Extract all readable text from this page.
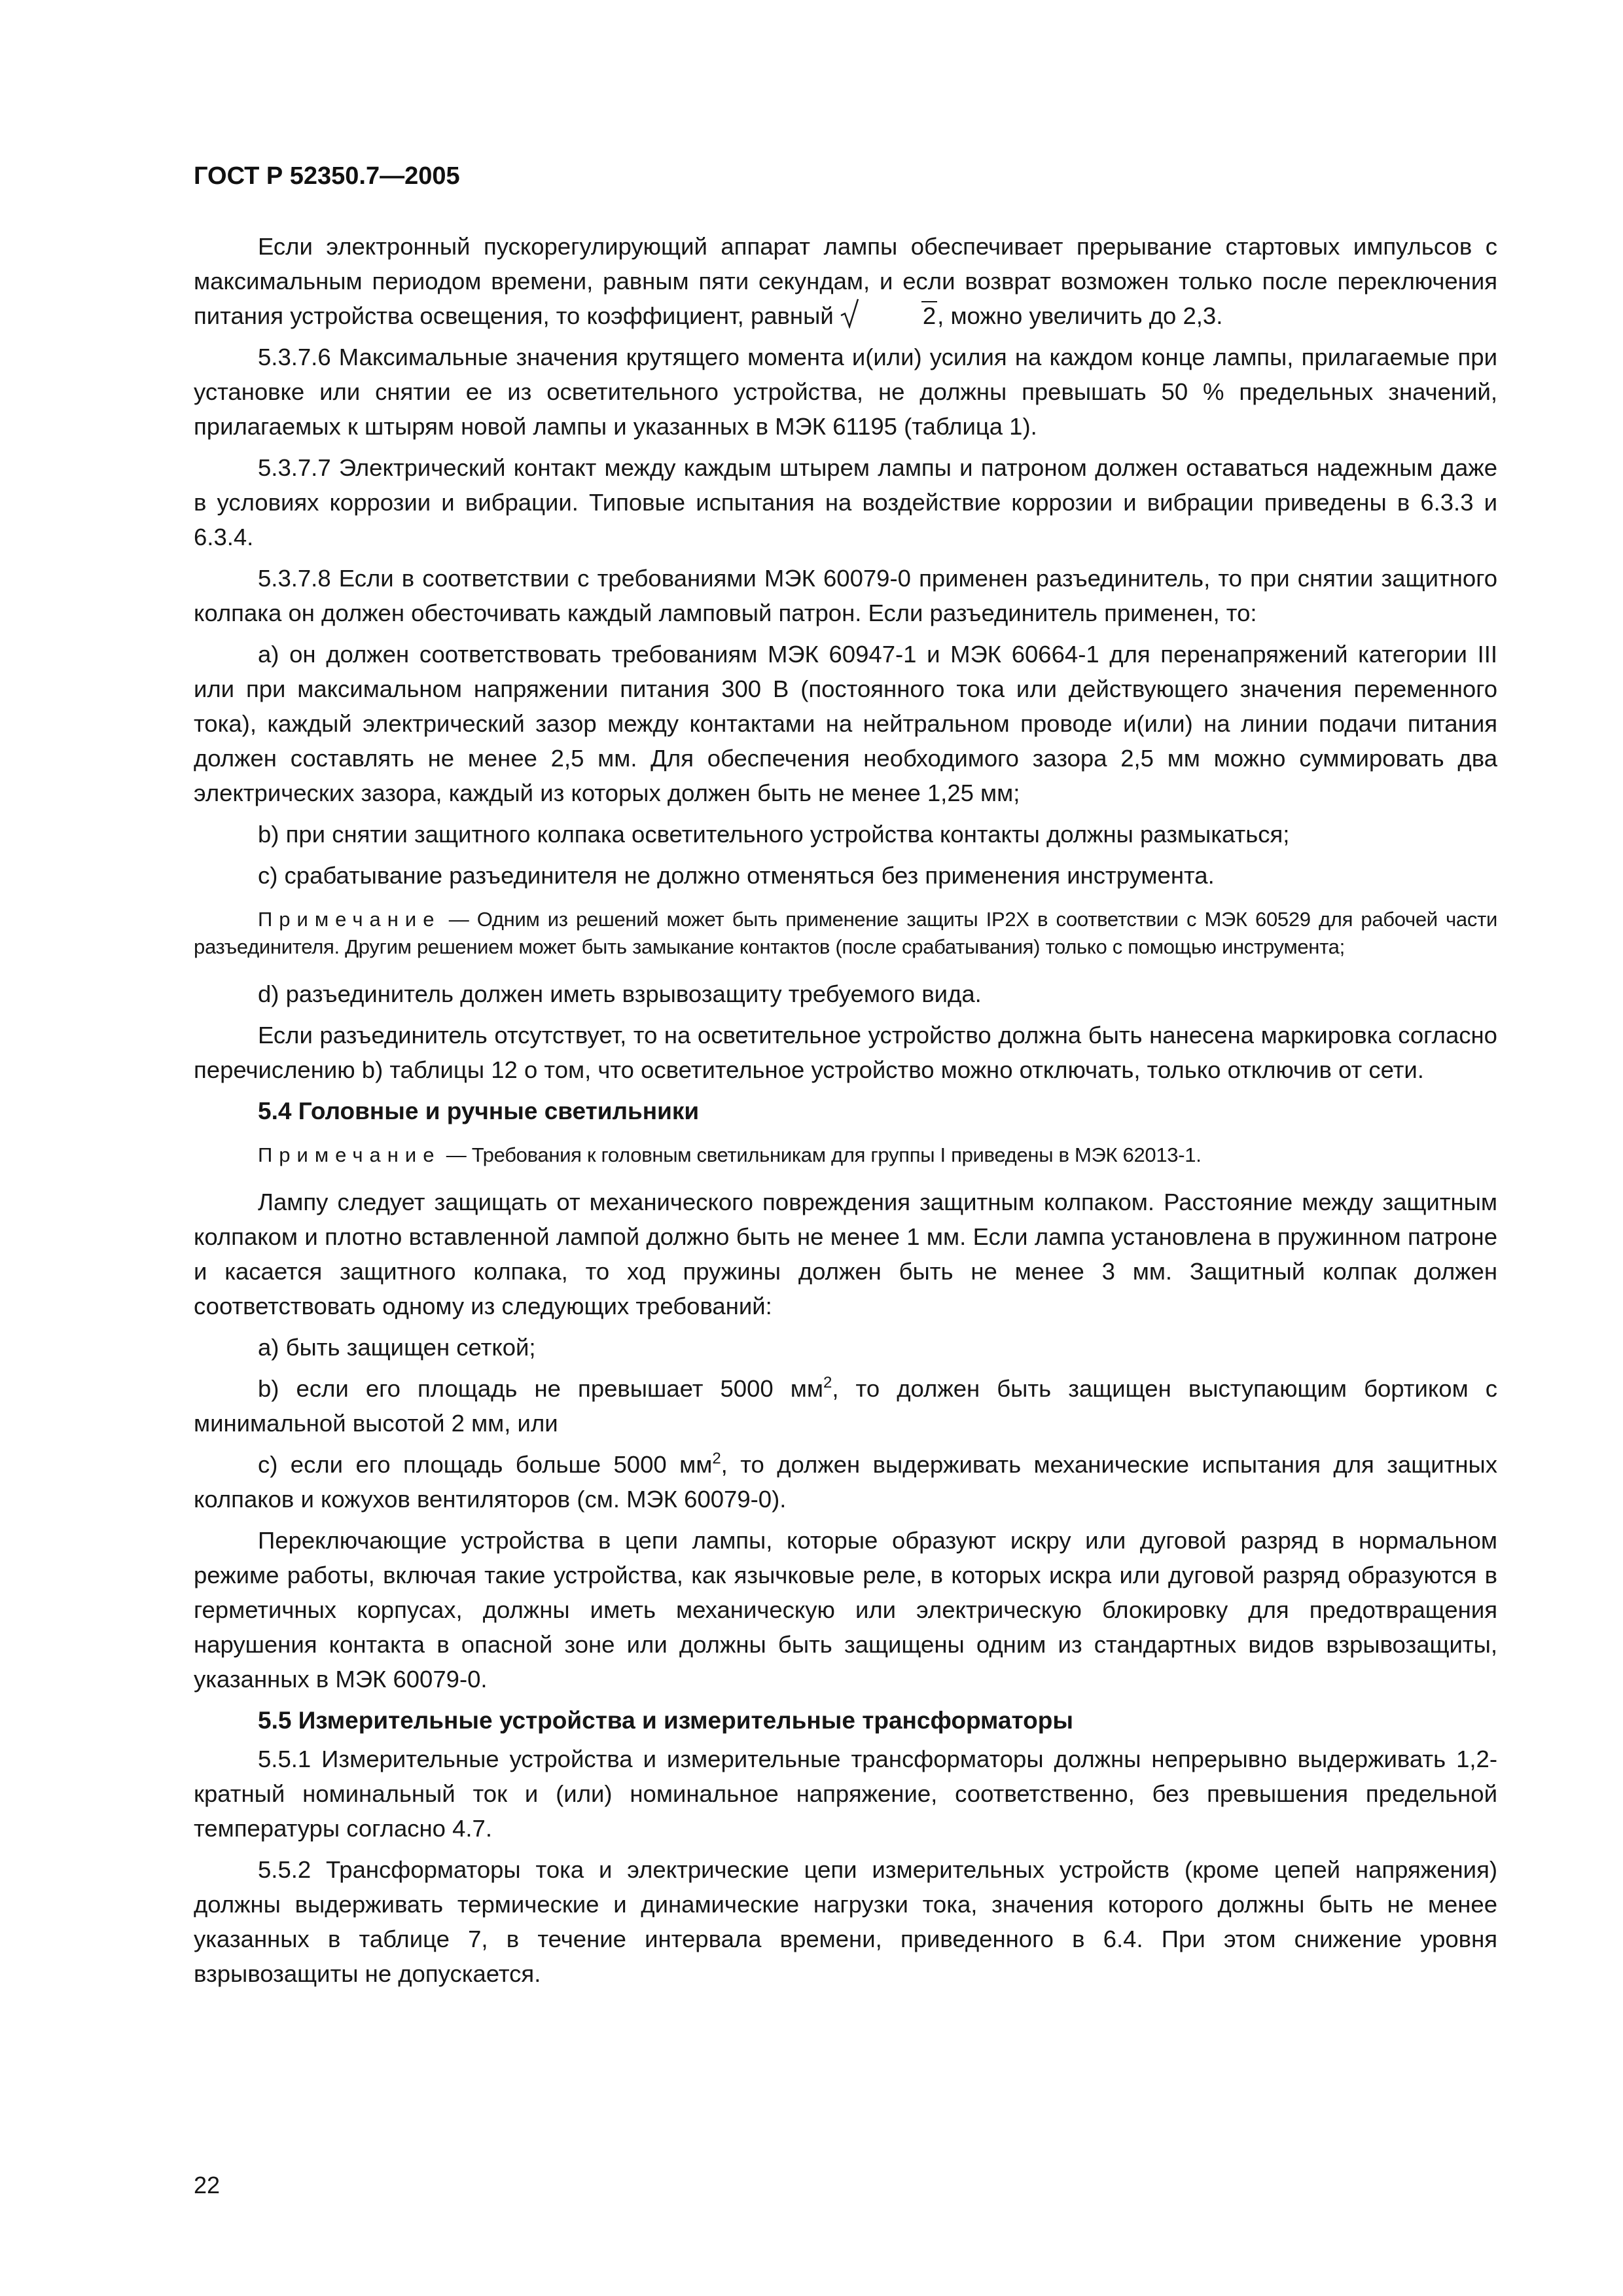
ГОСТ Р 52350.7—2005

Если электронный пускорегулирующий аппарат лампы обеспечивает прерывание стартовых импульсов с максимальным периодом времени, равным пяти секундам, и если возврат возможен только после переключения питания устройства освещения, то коэффициент, равный	2, можно увеличить до 2,3.

5.3.7.6 Максимальные значения крутящего момента и(или) усилия на каждом конце лампы, прилагаемые при установке или снятии ее из осветительного устройства, не должны превышать 50 % предельных значений, прилагаемых к штырям новой лампы и указанных в МЭК 61195 (таблица 1).

5.3.7.7 Электрический контакт между каждым штырем лампы и патроном должен оставаться надежным даже в условиях коррозии и вибрации. Типовые испытания на воздействие коррозии и вибрации приведены в 6.3.3 и 6.3.4.

5.3.7.8 Если в соответствии с требованиями МЭК 60079-0 применен разъединитель, то при снятии защитного колпака он должен обесточивать каждый ламповый патрон. Если разъединитель применен, то:

а) он должен соответствовать требованиям МЭК 60947-1 и МЭК 60664-1 для перенапряжений категории III или при максимальном напряжении питания 300 В (постоянного тока или действующего значения переменного тока), каждый электрический зазор между контактами на нейтральном проводе и(или) на линии подачи питания должен составлять не менее 2,5 мм. Для обеспечения необходимого зазора 2,5 мм можно суммировать два электрических зазора, каждый из которых должен быть не менее 1,25 мм;

b) при снятии защитного колпака осветительного устройства контакты должны размыкаться;

с) срабатывание разъединителя не должно отменяться без применения инструмента.

Примечание — Одним из решений может быть применение защиты IP2X в соответствии с МЭК 60529 для рабочей части разъединителя. Другим решением может быть замыкание контактов (после срабатывания) только с помощью инструмента;

d) разъединитель должен иметь взрывозащиту требуемого вида.

Если разъединитель отсутствует, то на осветительное устройство должна быть нанесена маркировка согласно перечислению b) таблицы 12 о том, что осветительное устройство можно отключать, только отключив от сети.

5.4 Головные и ручные светильники

Примечание — Требования к головным светильникам для группы I приведены в МЭК 62013-1.

Лампу следует защищать от механического повреждения защитным колпаком. Расстояние между защитным колпаком и плотно вставленной лампой должно быть не менее 1 мм. Если лампа установлена в пружинном патроне и касается защитного колпака, то ход пружины должен быть не менее 3 мм. Защитный колпак должен соответствовать одному из следующих требований:

а) быть защищен сеткой;

b) если его площадь не превышает 5000 $мм^2$, то должен быть защищен выступающим бортиком с минимальной высотой 2 мм, или

с) если его площадь больше 5000 $мм^2$, то должен выдерживать механические испытания для защитных колпаков и кожухов вентиляторов (см. МЭК 60079-0).

Переключающие устройства в цепи лампы, которые образуют искру или дуговой разряд в нормальном режиме работы, включая такие устройства, как язычковые реле, в которых искра или дуговой разряд образуются в герметичных корпусах, должны иметь механическую или электрическую блокировку для предотвращения нарушения контакта в опасной зоне или должны быть защищены одним из стандартных видов взрывозащиты, указанных в МЭК 60079-0.

5.5 Измерительные устройства и измерительные трансформаторы

5.5.1 Измерительные устройства и измерительные трансформаторы должны непрерывно выдерживать 1,2-кратный номинальный ток и (или) номинальное напряжение, соответственно, без превышения предельной температуры согласно 4.7.

5.5.2 Трансформаторы тока и электрические цепи измерительных устройств (кроме цепей напряжения) должны выдерживать термические и динамические нагрузки тока, значения которого должны быть не менее указанных в таблице 7, в течение интервала времени, приведенного в 6.4. При этом снижение уровня взрывозащиты не допускается.

22
